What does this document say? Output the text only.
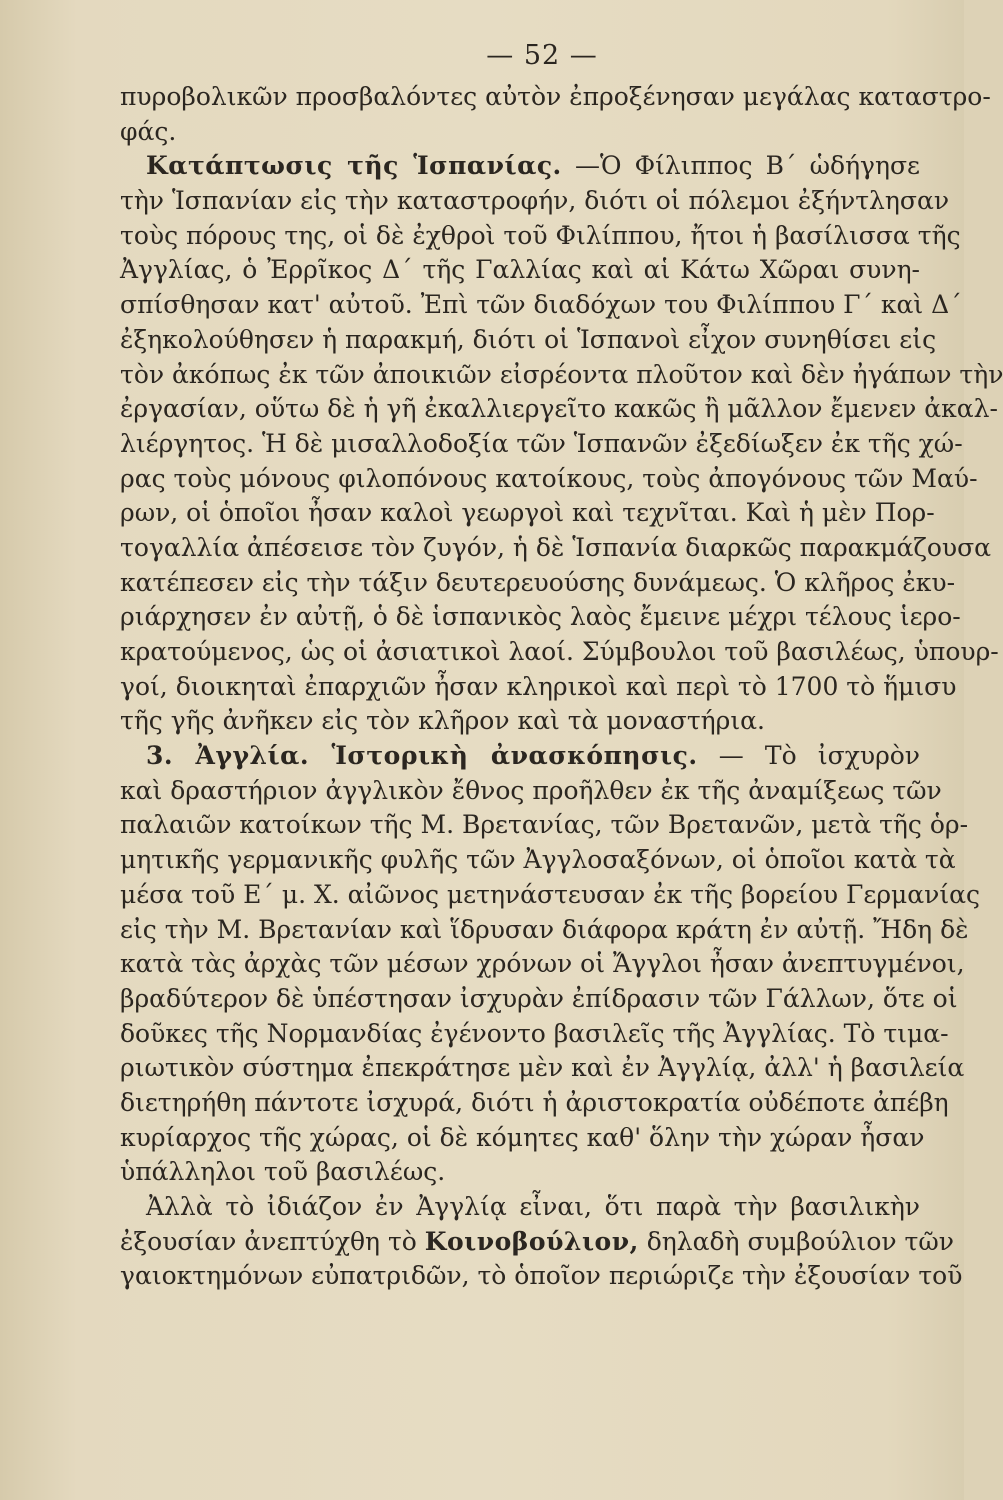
— 52 —
πυροβολικῶν προσβαλόντες αὐτὸν ἐπροξένησαν μεγάλας καταστρο-
φάς.
Κατάπτωσις τῆς Ἱσπανίας. —Ὁ Φίλιππος Β΄ ὡδήγησε
τὴν Ἱσπανίαν εἰς τὴν καταστροφήν, διότι οἱ πόλεμοι ἐξήντλησαν
τοὺς πόρους της, οἱ δὲ ἐχθροὶ τοῦ Φιλίππου, ἤτοι ἡ βασίλισσα τῆς
Ἀγγλίας, ὁ Ἐρρῖκος Δ΄ τῆς Γαλλίας καὶ αἱ Κάτω Χῶραι συνη-
σπίσθησαν κατ' αὐτοῦ. Ἐπὶ τῶν διαδόχων του Φιλίππου Γ΄ καὶ Δ΄
ἐξηκολούθησεν ἡ παρακμή, διότι οἱ Ἱσπανοὶ εἶχον συνηθίσει εἰς
τὸν ἀκόπως ἐκ τῶν ἀποικιῶν εἰσρέοντα πλοῦτον καὶ δὲν ἠγάπων τὴν
ἐργασίαν, οὕτω δὲ ἡ γῆ ἐκαλλιεργεῖτο κακῶς ἢ μᾶλλον ἔμενεν ἀκαλ-
λιέργητος. Ἡ δὲ μισαλλοδοξία τῶν Ἱσπανῶν ἐξεδίωξεν ἐκ τῆς χώ-
ρας τοὺς μόνους φιλοπόνους κατοίκους, τοὺς ἀπογόνους τῶν Μαύ-
ρων, οἱ ὁποῖοι ἦσαν καλοὶ γεωργοὶ καὶ τεχνῖται. Καὶ ἡ μὲν Πορ-
τογαλλία ἀπέσεισε τὸν ζυγόν, ἡ δὲ Ἱσπανία διαρκῶς παρακμάζουσα
κατέπεσεν εἰς τὴν τάξιν δευτερευούσης δυνάμεως. Ὁ κλῆρος ἐκυ-
ριάρχησεν ἐν αὐτῇ, ὁ δὲ ἱσπανικὸς λαὸς ἔμεινε μέχρι τέλους ἱερο-
κρατούμενος, ὡς οἱ ἀσιατικοὶ λαοί. Σύμβουλοι τοῦ βασιλέως, ὑπουρ-
γοί, διοικηταὶ ἐπαρχιῶν ἦσαν κληρικοὶ καὶ περὶ τὸ 1700 τὸ ἥμισυ
τῆς γῆς ἀνῆκεν εἰς τὸν κλῆρον καὶ τὰ μοναστήρια.
3. Ἀγγλία. Ἱστορικὴ ἀνασκόπησις. — Τὸ ἰσχυρὸν
καὶ δραστήριον ἀγγλικὸν ἔθνος προῆλθεν ἐκ τῆς ἀναμίξεως τῶν
παλαιῶν κατοίκων τῆς Μ. Βρετανίας, τῶν Βρετανῶν, μετὰ τῆς ὁρ-
μητικῆς γερμανικῆς φυλῆς τῶν Ἀγγλοσαξόνων, οἱ ὁποῖοι κατὰ τὰ
μέσα τοῦ Ε΄ μ. Χ. αἰῶνος μετηνάστευσαν ἐκ τῆς βορείου Γερμανίας
εἰς τὴν Μ. Βρετανίαν καὶ ἵδρυσαν διάφορα κράτη ἐν αὐτῇ. Ἤδη δὲ
κατὰ τὰς ἀρχὰς τῶν μέσων χρόνων οἱ Ἄγγλοι ἦσαν ἀνεπτυγμένοι,
βραδύτερον δὲ ὑπέστησαν ἰσχυρὰν ἐπίδρασιν τῶν Γάλλων, ὅτε οἱ
δοῦκες τῆς Νορμανδίας ἐγένοντο βασιλεῖς τῆς Ἀγγλίας. Τὸ τιμα-
ριωτικὸν σύστημα ἐπεκράτησε μὲν καὶ ἐν Ἀγγλίᾳ, ἀλλ' ἡ βασιλεία
διετηρήθη πάντοτε ἰσχυρά, διότι ἡ ἀριστοκρατία οὐδέποτε ἀπέβη
κυρίαρχος τῆς χώρας, οἱ δὲ κόμητες καθ' ὅλην τὴν χώραν ἦσαν
ὑπάλληλοι τοῦ βασιλέως.
Ἀλλὰ τὸ ἰδιάζον ἐν Ἀγγλίᾳ εἶναι, ὅτι παρὰ τὴν βασιλικὴν
ἐξουσίαν ἀνεπτύχθη τὸ Κοινοβούλιον, δηλαδὴ συμβούλιον τῶν
γαιοκτημόνων εὐπατριδῶν, τὸ ὁποῖον περιώριζε τὴν ἐξουσίαν τοῦ
